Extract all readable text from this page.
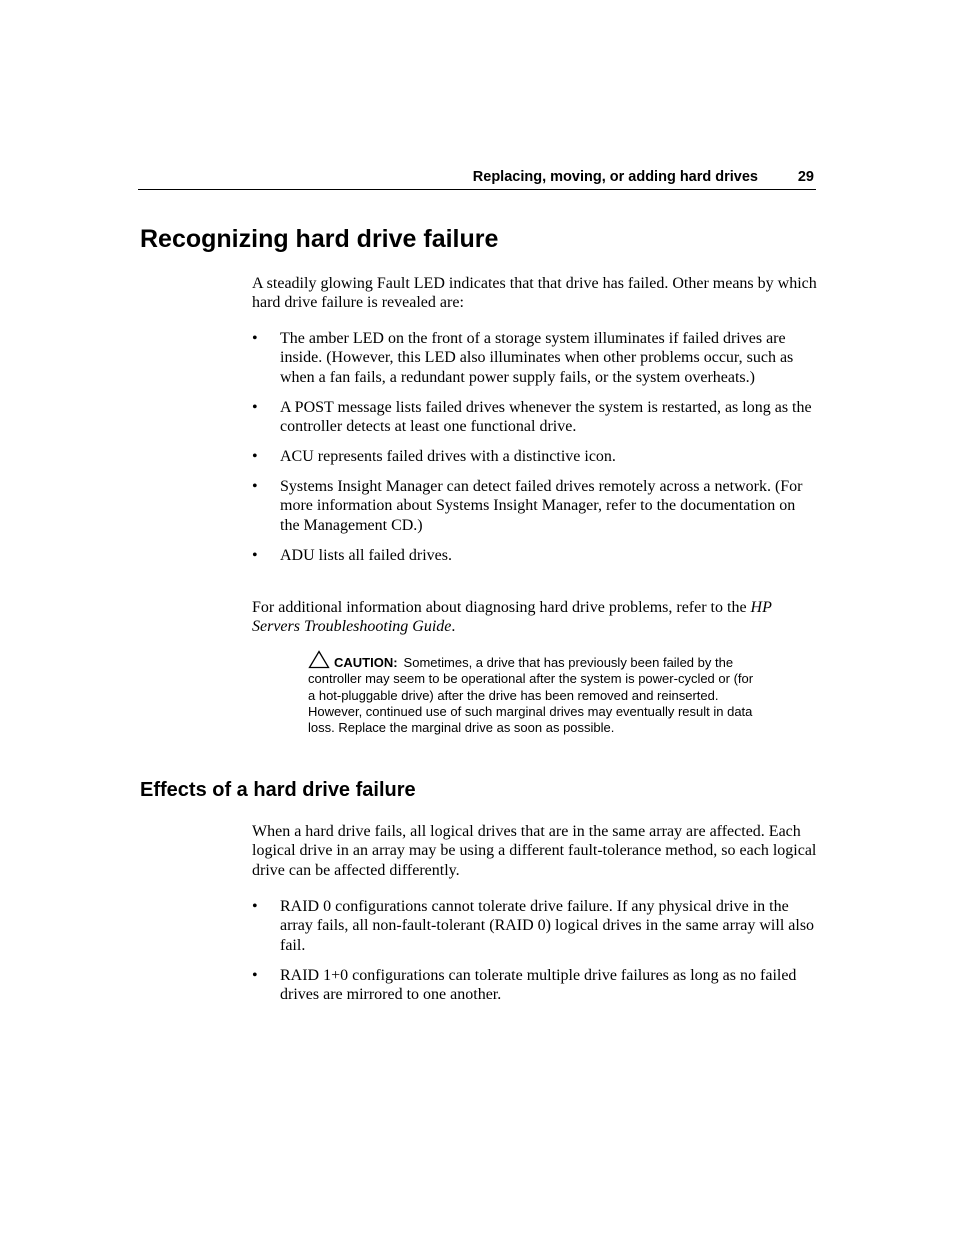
Replacing, moving, or adding hard drives	29
Recognizing hard drive failure

A steadily glowing Fault LED indicates that that drive has failed. Other means by which hard drive failure is revealed are:

• The amber LED on the front of a storage system illuminates if failed drives are inside. (However, this LED also illuminates when other problems occur, such as when a fan fails, a redundant power supply fails, or the system overheats.)
• A POST message lists failed drives whenever the system is restarted, as long as the controller detects at least one functional drive.
• ACU represents failed drives with a distinctive icon.
• Systems Insight Manager can detect failed drives remotely across a network. (For more information about Systems Insight Manager, refer to the documentation on the Management CD.)
• ADU lists all failed drives.

For additional information about diagnosing hard drive problems, refer to the HP Servers Troubleshooting Guide.

CAUTION: Sometimes, a drive that has previously been failed by the controller may seem to be operational after the system is power-cycled or (for a hot-pluggable drive) after the drive has been removed and reinserted. However, continued use of such marginal drives may eventually result in data loss. Replace the marginal drive as soon as possible.
Effects of a hard drive failure

When a hard drive fails, all logical drives that are in the same array are affected. Each logical drive in an array may be using a different fault-tolerance method, so each logical drive can be affected differently.

• RAID 0 configurations cannot tolerate drive failure. If any physical drive in the array fails, all non-fault-tolerant (RAID 0) logical drives in the same array will also fail.
• RAID 1+0 configurations can tolerate multiple drive failures as long as no failed drives are mirrored to one another.
